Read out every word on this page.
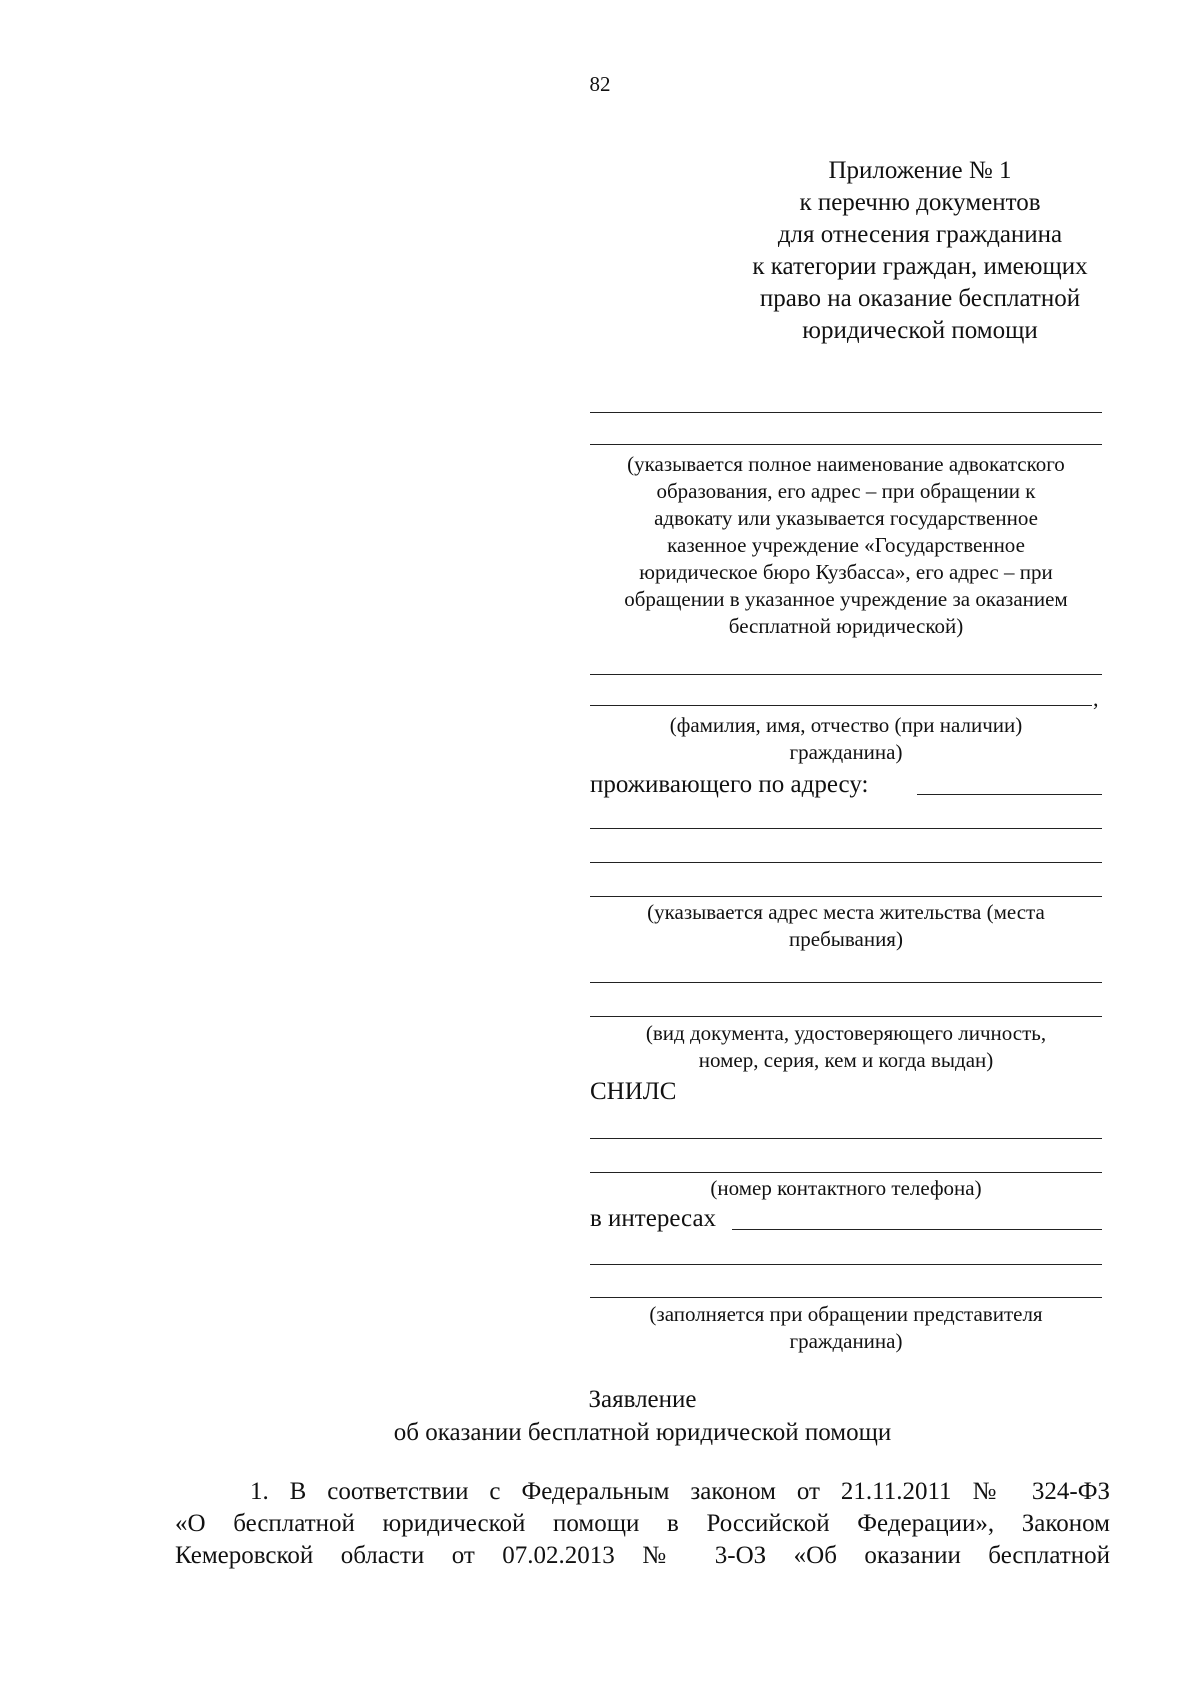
82
Приложение № 1
к перечню документов
для отнесения гражданина
к категории граждан, имеющих
право на оказание бесплатной
юридической помощи
(указывается полное наименование адвокатского
образования, его адрес – при обращении к
адвокату или указывается государственное
казенное учреждение «Государственное
юридическое бюро Кузбасса», его адрес – при
обращении в указанное учреждение за оказанием
бесплатной юридической)
,
(фамилия, имя, отчество (при наличии)
гражданина)
проживающего по адресу:
(указывается адрес места жительства (места
пребывания)
(вид документа, удостоверяющего личность,
номер, серия, кем и когда выдан)
СНИЛС
(номер контактного телефона)
в интересах
(заполняется при обращении представителя
гражданина)
Заявление
об оказании бесплатной юридической помощи
1. В соответствии с Федеральным законом от 21.11.2011 № 324-ФЗ
«О бесплатной юридической помощи в Российской Федерации», Законом
Кемеровской области от 07.02.2013 № 3-ОЗ «Об оказании бесплатной
